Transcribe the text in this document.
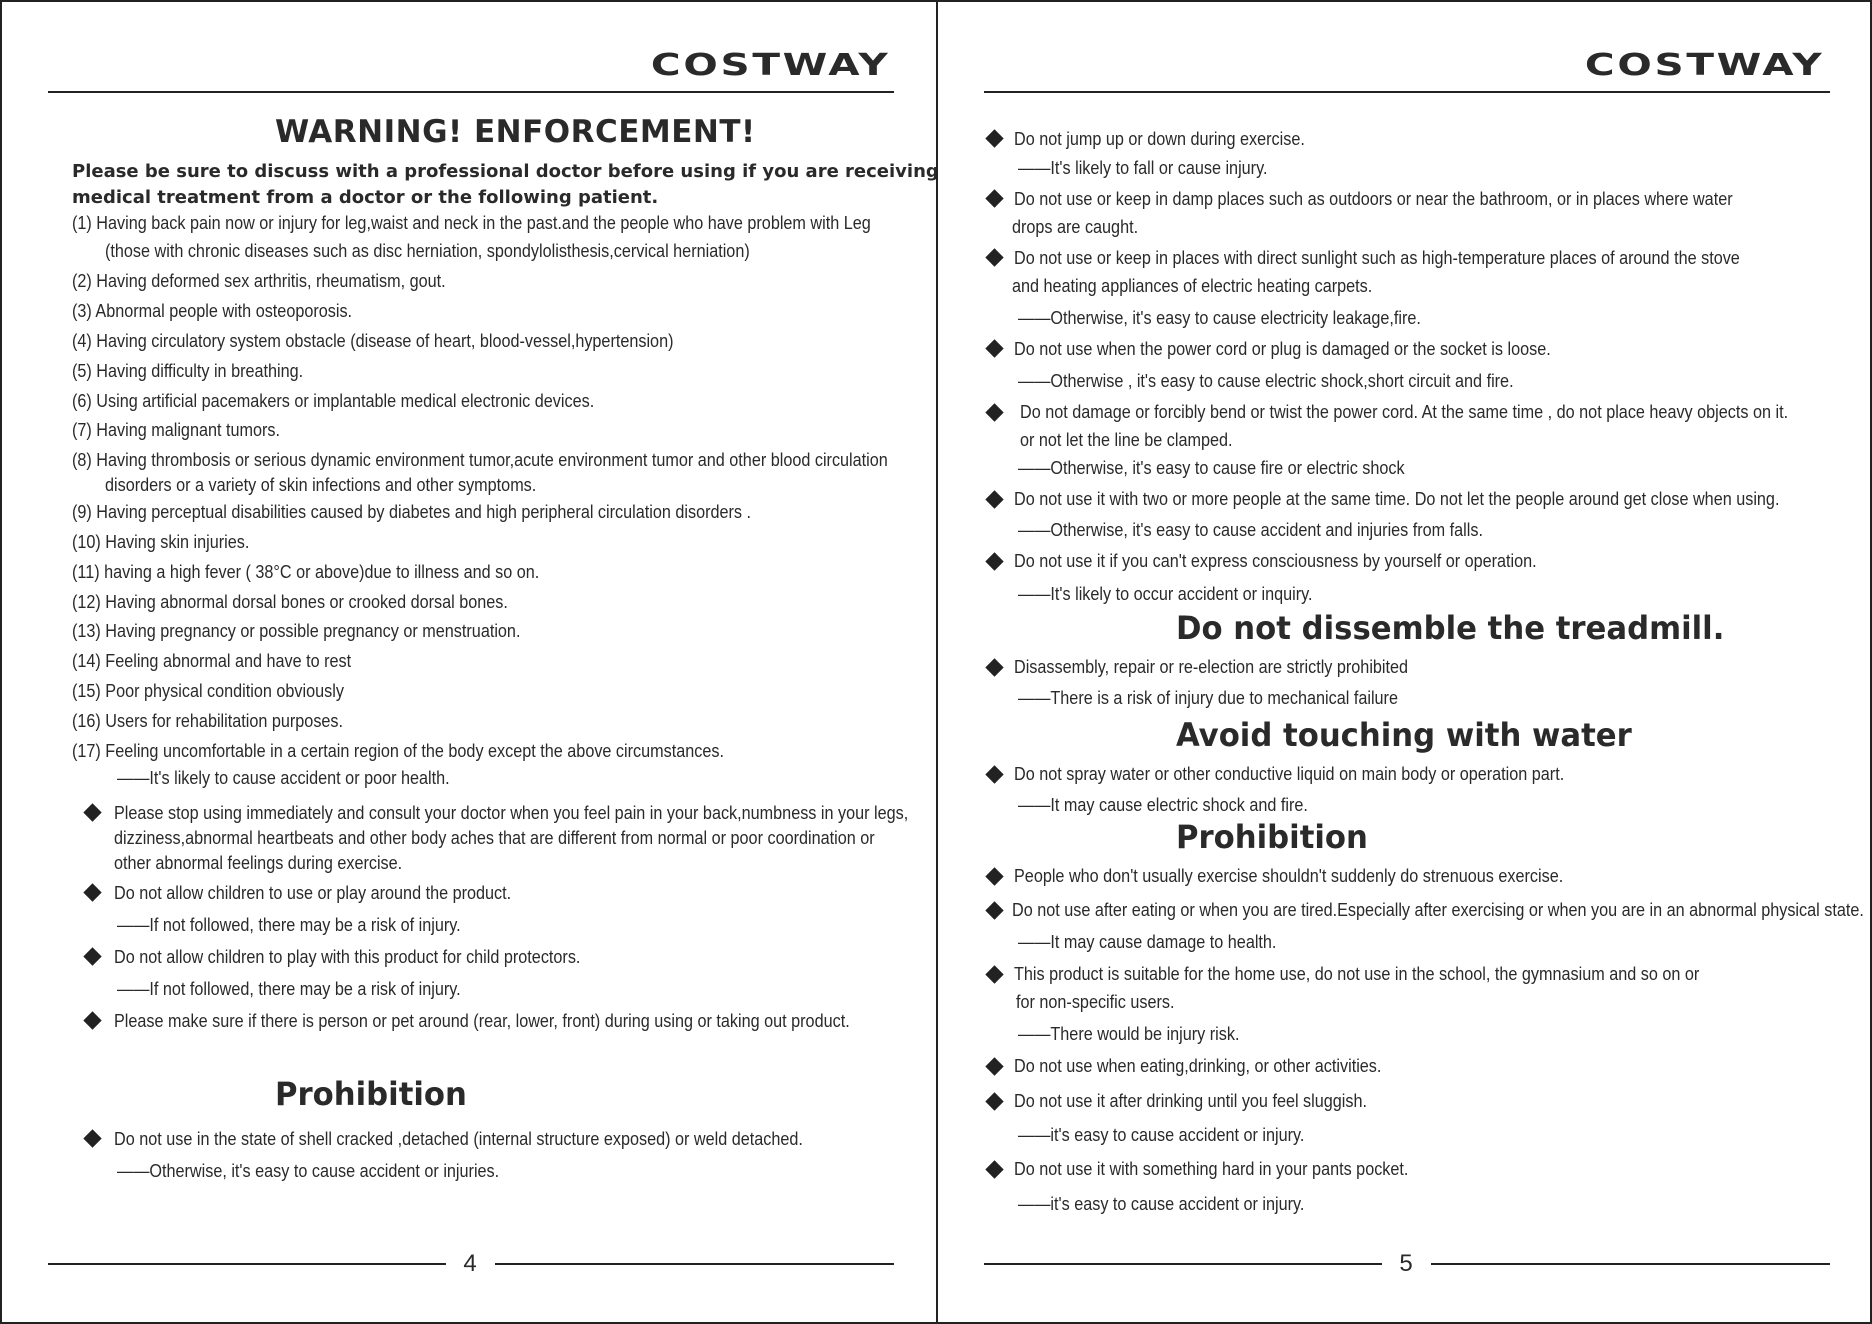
COSTWAY
WARNING! ENFORCEMENT!
Please be sure to discuss with a professional doctor before using if you are receiving
medical treatment from a doctor or the following patient.
(1) Having back pain now or injury for leg,waist and neck in the past.and the people who have problem with Leg
(those with chronic diseases such as disc herniation, spondylolisthesis,cervical herniation)
(2) Having deformed sex arthritis, rheumatism, gout.
(3) Abnormal people with osteoporosis.
(4) Having circulatory system obstacle (disease of heart, blood-vessel,hypertension)
(5) Having difficulty in breathing.
(6) Using artificial pacemakers or implantable medical electronic devices.
(7) Having malignant tumors.
(8) Having thrombosis or serious dynamic environment tumor,acute environment tumor and other blood circulation
disorders or a variety of skin infections and other symptoms.
(9) Having perceptual disabilities caused by diabetes and high peripheral circulation disorders .
(10) Having skin injuries.
(11) having a high fever ( 38°C or above)due to illness and so on.
(12) Having abnormal dorsal bones or crooked dorsal bones.
(13) Having pregnancy or possible pregnancy or menstruation.
(14) Feeling abnormal and have to rest
(15) Poor physical condition obviously
(16) Users for rehabilitation purposes.
(17) Feeling uncomfortable in a certain region of the body except the above circumstances.
——It's likely to cause accident or poor health.
Please stop using immediately and consult your doctor when you feel pain in your back,numbness in your legs,
dizziness,abnormal heartbeats and other body aches that are different from normal or poor coordination or
other abnormal feelings during exercise.
Do not allow children to use or play around the product.
——If not followed, there may be a risk of injury.
Do not allow children to play with this product for child protectors.
——If not followed, there may be a risk of injury.
Please make sure if there is person or pet around (rear, lower, front) during using or taking out product.
Prohibition
Do not use in the state of shell cracked ,detached (internal structure exposed) or weld detached.
——Otherwise, it's easy to cause accident or injuries.
4
COSTWAY
Do not jump up or down during exercise.
——It's likely to fall or cause injury.
Do not use or keep in damp places such as outdoors or near the bathroom, or in places where water
drops are caught.
Do not use or keep in places with direct sunlight such as high-temperature places of around the stove
and heating appliances of electric heating carpets.
——Otherwise, it's easy to cause electricity leakage,fire.
Do not use when the power cord or plug is damaged or the socket is loose.
——Otherwise , it's easy to cause electric shock,short circuit and fire.
Do not damage or forcibly bend or twist the power cord. At the same time , do not place heavy objects on it.
or not let the line be clamped.
——Otherwise, it's easy to cause fire or electric shock
Do not use it with two or more people at the same time. Do not let the people around get close when using.
——Otherwise, it's easy to cause accident and injuries from falls.
Do not use it if you can't express consciousness by yourself or operation.
——It's likely to occur accident or inquiry.
Do not dissemble the treadmill.
Disassembly, repair or re-election are strictly prohibited
——There is a risk of injury due to mechanical failure
Avoid touching with water
Do not spray water or other conductive liquid on main body or operation part.
——It may cause electric shock and fire.
Prohibition
People who don't usually exercise shouldn't suddenly do strenuous exercise.
Do not use after eating or when you are tired.Especially after exercising or when you are in an abnormal physical state.
——It may cause damage to health.
This product is suitable for the home use, do not use in the school, the gymnasium and so on or
for non-specific users.
——There would be injury risk.
Do not use when eating,drinking, or other activities.
Do not use it after drinking until you feel sluggish.
——it's easy to cause accident or injury.
Do not use it with something hard in your pants pocket.
——it's easy to cause accident or injury.
5
